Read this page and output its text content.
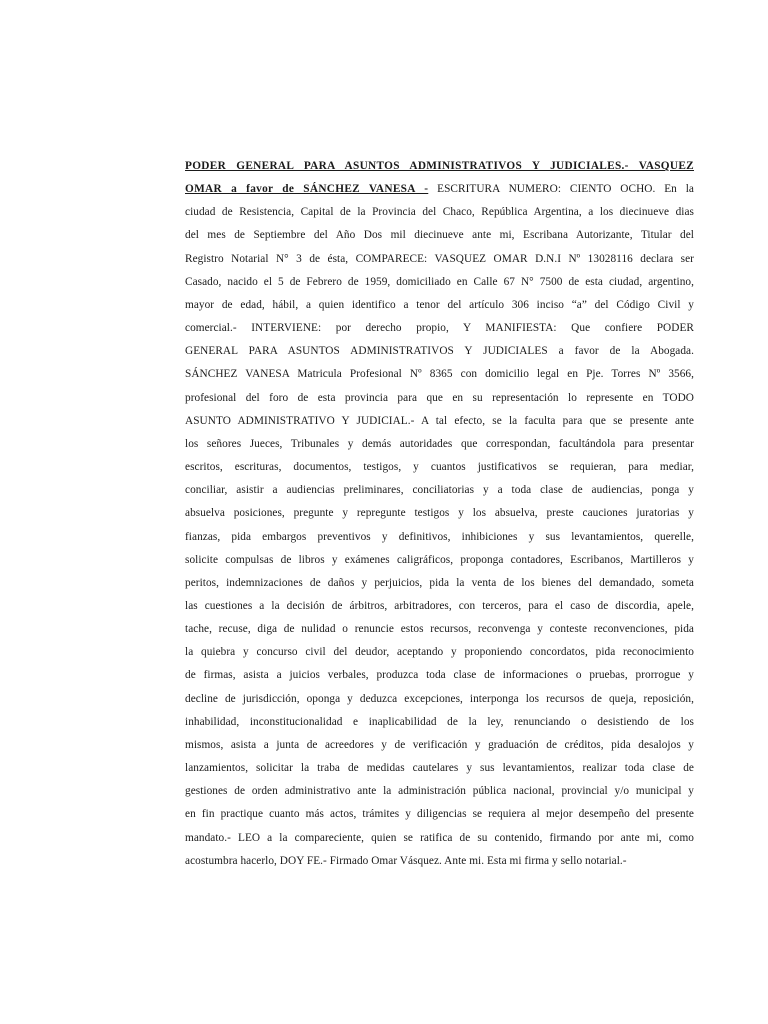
PODER GENERAL PARA ASUNTOS ADMINISTRATIVOS Y JUDICIALES.- VASQUEZ
OMAR a favor de SÁNCHEZ VANESA - ESCRITURA NUMERO: CIENTO OCHO. En la
ciudad de Resistencia, Capital de la Provincia del Chaco, República Argentina, a los diecinueve dias
del mes de Septiembre del Año Dos mil diecinueve ante mi, Escribana Autorizante, Titular del
Registro Notarial N° 3 de ésta, COMPARECE: VASQUEZ OMAR D.N.I Nº 13028116 declara ser
Casado, nacido el 5 de Febrero de 1959, domiciliado en Calle 67 N° 7500 de esta ciudad, argentino,
mayor de edad, hábil, a quien identifico a tenor del artículo 306 inciso “a” del Código Civil y
comercial.- INTERVIENE: por derecho propio, Y MANIFIESTA: Que confiere PODER
GENERAL PARA ASUNTOS ADMINISTRATIVOS Y JUDICIALES a favor de la Abogada.
SÁNCHEZ VANESA Matricula Profesional Nº 8365 con domicilio legal en Pje. Torres Nº 3566,
profesional del foro de esta provincia para que en su representación lo represente en TODO
ASUNTO ADMINISTRATIVO Y JUDICIAL.- A tal efecto, se la faculta para que se presente ante
los señores Jueces, Tribunales y demás autoridades que correspondan, facultándola para presentar
escritos, escrituras, documentos, testigos, y cuantos justificativos se requieran, para mediar,
conciliar, asistir a audiencias preliminares, conciliatorias y a toda clase de audiencias, ponga y
absuelva posiciones, pregunte y repregunte testigos y los absuelva, preste cauciones juratorias y
fianzas, pida embargos preventivos y definitivos, inhibiciones y sus levantamientos, querelle,
solicite compulsas de libros y exámenes caligráficos, proponga contadores, Escribanos, Martilleros y
peritos, indemnizaciones de daños y perjuicios, pida la venta de los bienes del demandado, someta
las cuestiones a la decisión de árbitros, arbitradores, con terceros, para el caso de discordia, apele,
tache, recuse, diga de nulidad o renuncie estos recursos, reconvenga y conteste reconvenciones, pida
la quiebra y concurso civil del deudor, aceptando y proponiendo concordatos, pida reconocimiento
de firmas, asista a juicios verbales, produzca toda clase de informaciones o pruebas, prorrogue y
decline de jurisdicción, oponga y deduzca excepciones, interponga los recursos de queja, reposición,
inhabilidad, inconstitucionalidad e inaplicabilidad de la ley, renunciando o desistiendo de los
mismos, asista a junta de acreedores y de verificación y graduación de créditos, pida desalojos y
lanzamientos, solicitar la traba de medidas cautelares y sus levantamientos, realizar toda clase de
gestiones de orden administrativo ante la administración pública nacional, provincial y/o municipal y
en fin practique cuanto más actos, trámites y diligencias se requiera al mejor desempeño del presente
mandato.- LEO a la compareciente, quien se ratifica de su contenido, firmando por ante mi, como
acostumbra hacerlo, DOY FE.- Firmado Omar Vásquez. Ante mi. Esta mi firma y sello notarial.-
